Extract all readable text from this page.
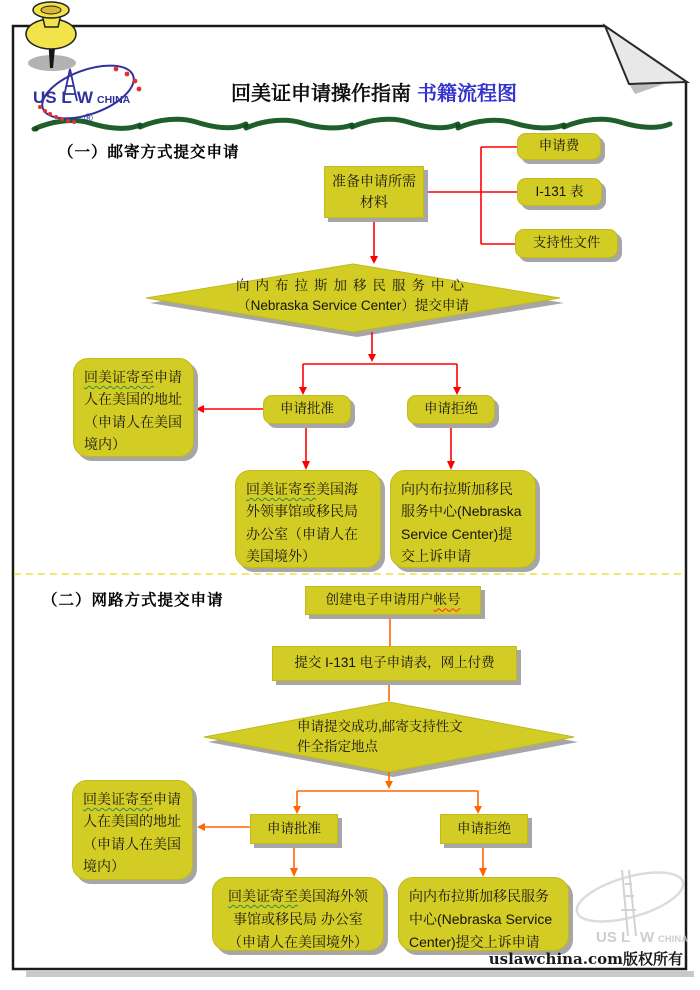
US L W CHINA
®
US L W CHINA
回美证申请操作指南 书籍流程图
（一）邮寄方式提交申请
准备申请所需材料
申请费
I-131 表
支持性文件
向内布拉斯加移民服务中心
（Nebraska Service Center）提交申请
申请批准	申请拒绝
回美证寄至申请人在美国的地址（申请人在美国境内）
回美证寄至美国海外领事馆或移民局办公室（申请人在美国境外）
向内布拉斯加移民服务中心(Nebraska Service Center)提交上诉申请
（二）网路方式提交申请	创建电子申请用户 帐号
提交 I-131 电子申请表，网上付费
申请提交成功,邮寄支持性文
件全指定地点
申请批准	申请拒绝
回美证寄至申请人在美国的地址（申请人在美国境内）
回美证寄至美国海外领事馆或移民局 办公室（申请人在美国境外）
向内布拉斯加移民服务中心(Nebraska Service Center)提交上诉申请
uslawchina.com版权所有
